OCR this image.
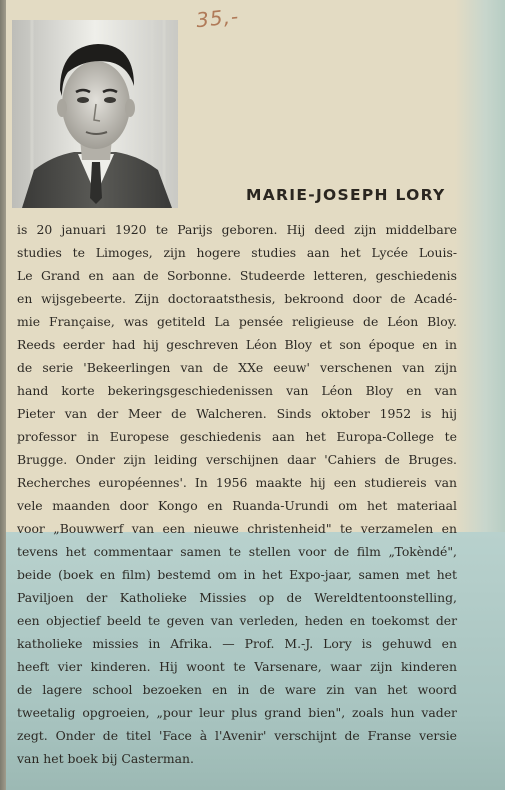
35,-
MARIE-JOSEPH LORY
is 20 januari 1920 te Parijs geboren. Hij deed zijn middelbare
studies te Limoges, zijn hogere studies aan het Lycée Louis-
Le Grand en aan de Sorbonne. Studeerde letteren, geschiedenis
en wijsgebeerte. Zijn doctoraatsthesis, bekroond door de Acadé-
mie Française, was getiteld La pensée religieuse de Léon Bloy.
Reeds eerder had hij geschreven Léon Bloy et son époque en in
de serie 'Bekeerlingen van de XXe eeuw' verschenen van zijn
hand korte bekeringsgeschiedenissen van Léon Bloy en van
Pieter van der Meer de Walcheren. Sinds oktober 1952 is hij
professor in Europese geschiedenis aan het Europa-College te
Brugge. Onder zijn leiding verschijnen daar 'Cahiers de Bruges.
Recherches européennes'. In 1956 maakte hij een studiereis van
vele maanden door Kongo en Ruanda-Urundi om het materiaal
voor „Bouwwerf van een nieuwe christenheid" te verzamelen en
tevens het commentaar samen te stellen voor de film „Tokèndé",
beide (boek en film) bestemd om in het Expo-jaar, samen met het
Paviljoen der Katholieke Missies op de Wereldtentoonstelling,
een objectief beeld te geven van verleden, heden en toekomst der
katholieke missies in Afrika. — Prof. M.-J. Lory is gehuwd en
heeft vier kinderen. Hij woont te Varsenare, waar zijn kinderen
de lagere school bezoeken en in de ware zin van het woord
tweetalig opgroeien, „pour leur plus grand bien", zoals hun vader
zegt. Onder de titel 'Face à l'Avenir' verschijnt de Franse versie
van het boek bij Casterman.
